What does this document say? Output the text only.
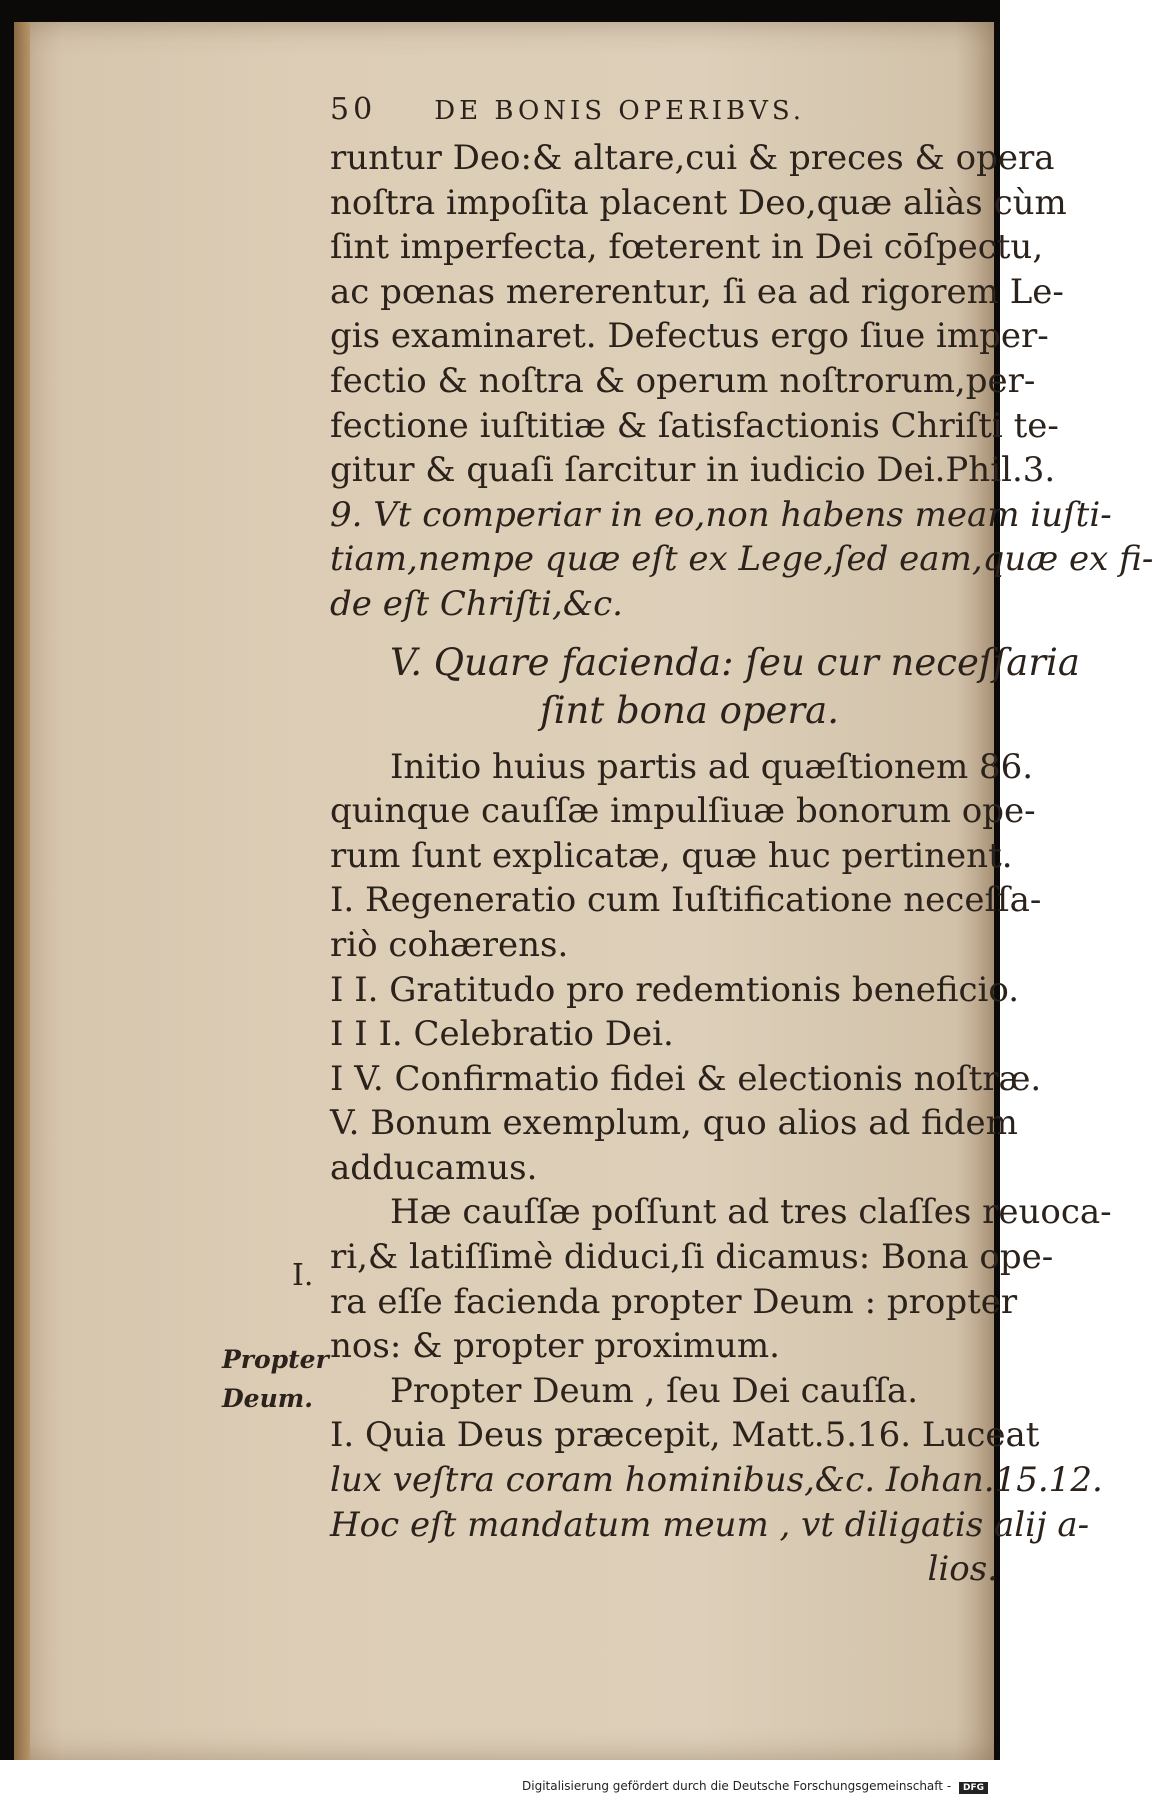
50 DE BONIS OPERIBVS.
runtur Deo:& altare,cui & preces & opera
noſtra impoſita placent Deo,quæ aliàs cùm
ſint imperfecta, fœterent in Dei cōſpectu,
ac pœnas mererentur, ſi ea ad rigorem Le-
gis examinaret. Defectus ergo ſiue imper-
fectio & noſtra & operum noſtrorum,per-
fectione iuſtitiæ & ſatisfactionis Chriſti te-
gitur & quaſi ſarcitur in iudicio Dei.Phil.3.
9. Vt comperiar in eo,non habens meam iuſti-
tiam,nempe quæ eſt ex Lege,ſed eam,quæ ex fi-
de eſt Chriſti,&c.
V. Quare facienda: ſeu cur neceſſaria
ſint bona opera.
Initio huius partis ad quæſtionem 86.
quinque cauſſæ impulſiuæ bonorum ope-
rum ſunt explicatæ, quæ huc pertinent.
I. Regeneratio cum Iuſtificatione neceſſa-
riò cohærens.
I I. Gratitudo pro redemtionis beneficio.
I I I. Celebratio Dei.
I V. Confirmatio fidei & electionis noſtræ.
V. Bonum exemplum, quo alios ad fidem
adducamus.
Hæ cauſſæ poſſunt ad tres claſſes reuoca-
ri,& latiſſimè diduci,ſi dicamus: Bona ope-
ra eſſe facienda propter Deum : propter
nos: & propter proximum.
Propter Deum , ſeu Dei cauſſa.
I. Quia Deus præcepit, Matt.5.16. Luceat
lux veſtra coram hominibus,&c. Iohan.15.12.
Hoc eſt mandatum meum , vt diligatis alij a-
lios.
I.
Propter
Deum.
Digitalisierung gefördert durch die Deutsche Forschungsgemeinschaft - DFG
